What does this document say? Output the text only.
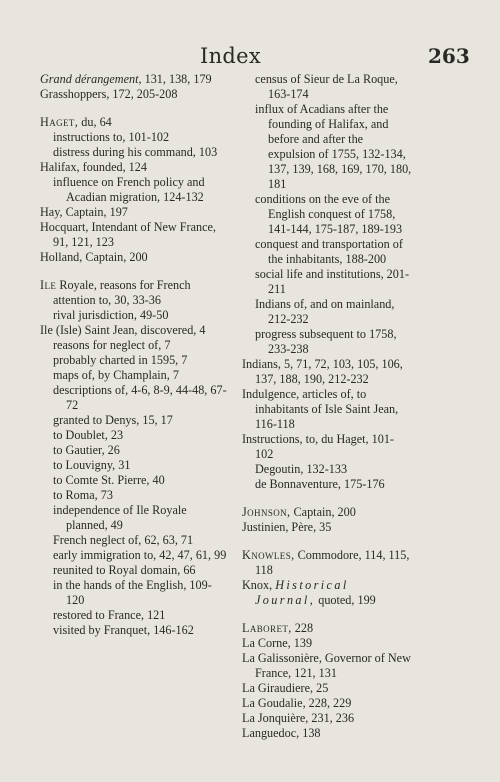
Index	263
Grand dérangement, 131, 138, 179
Grasshoppers, 172, 205-208
Haget, du, 64
instructions to, 101-102
distress during his command, 103
Halifax, founded, 124
influence on French policy and Acadian migration, 124-132
Hay, Captain, 197
Hocquart, Intendant of New France, 91, 121, 123
Holland, Captain, 200
Ile Royale, reasons for French attention to, 30, 33-36
rival jurisdiction, 49-50
Ile (Isle) Saint Jean, discovered, 4
reasons for neglect of, 7
probably charted in 1595, 7
maps of, by Champlain, 7
descriptions of, 4-6, 8-9, 44-48, 67-72
granted to Denys, 15, 17
to Doublet, 23
to Gautier, 26
to Louvigny, 31
to Comte St. Pierre, 40
to Roma, 73
independence of Ile Royale planned, 49
French neglect of, 62, 63, 71
early immigration to, 42, 47, 61, 99
reunited to Royal domain, 66
in the hands of the English, 109-120
restored to France, 121
visited by Franquet, 146-162
census of Sieur de La Roque, 163-174
influx of Acadians after the founding of Halifax, and before and after the expulsion of 1755, 132-134, 137, 139, 168, 169, 170, 180, 181
conditions on the eve of the English conquest of 1758, 141-144, 175-187, 189-193
conquest and transportation of the inhabitants, 188-200
social life and institutions, 201-211
Indians of, and on mainland, 212-232
progress subsequent to 1758, 233-238
Indians, 5, 71, 72, 103, 105, 106, 137, 188, 190, 212-232
Indulgence, articles of, to inhabitants of Isle Saint Jean, 116-118
Instructions, to, du Haget, 101-102
Degoutin, 132-133
de Bonnaventure, 175-176
Johnson, Captain, 200
Justinien, Père, 35
Knowles, Commodore, 114, 115, 118
Knox, Historical Journal, quoted, 199
Laboret, 228
La Corne, 139
La Galissonière, Governor of New France, 121, 131
La Giraudiere, 25
La Goudalie, 228, 229
La Jonquière, 231, 236
Languedoc, 138
